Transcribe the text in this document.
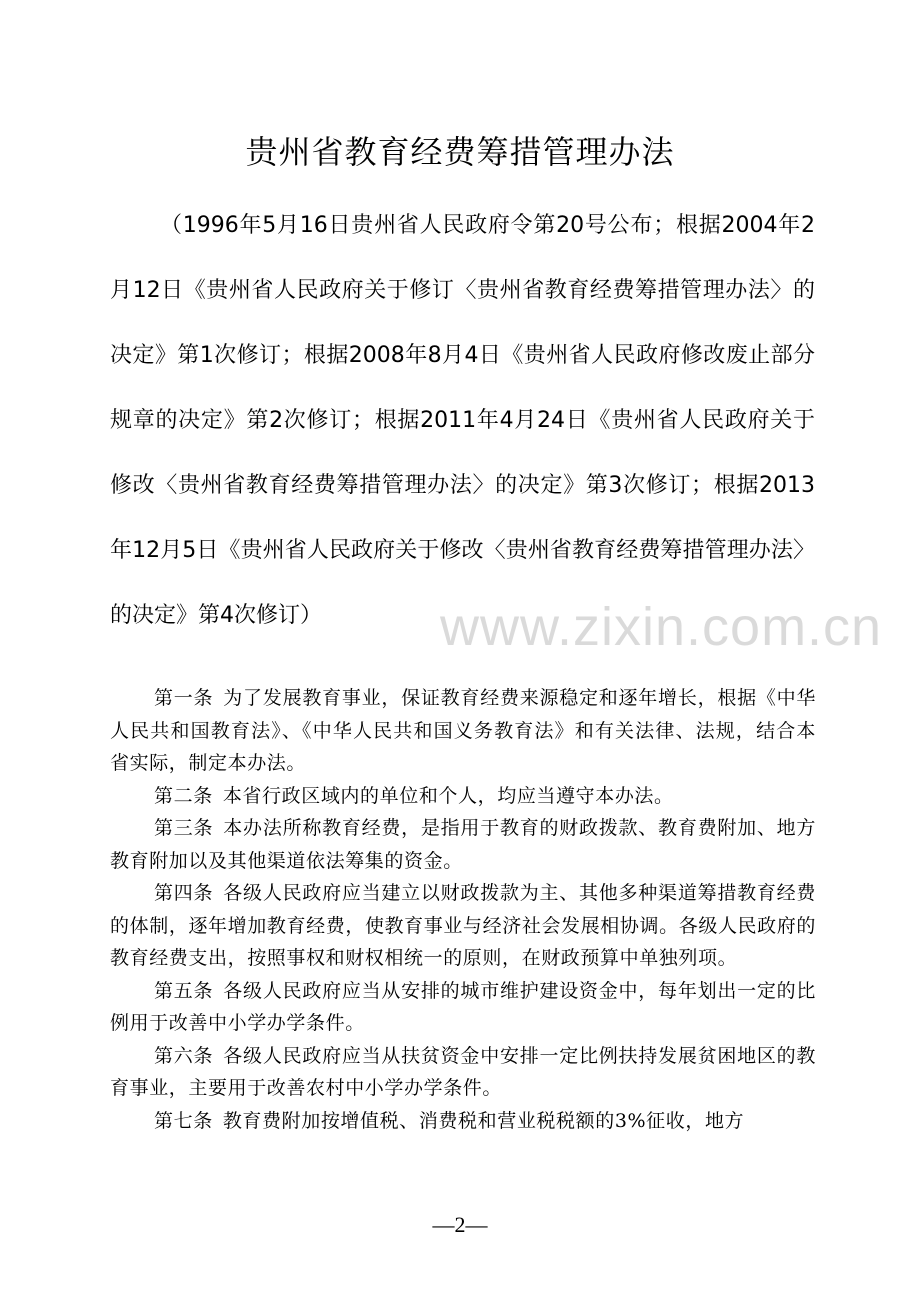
贵州省教育经费筹措管理办法
（1996年5月16日贵州省人民政府令第20号公布；根据2004年2月12日《贵州省人民政府关于修订〈贵州省教育经费筹措管理办法〉的决定》第1次修订；根据2008年8月4日《贵州省人民政府修改废止部分规章的决定》第2次修订；根据2011年4月24日《贵州省人民政府关于修改〈贵州省教育经费筹措管理办法〉的决定》第3次修订；根据2013年12月5日《贵州省人民政府关于修改〈贵州省教育经费筹措管理办法〉的决定》第4次修订）	www.zixin.com.cn

第一条 为了发展教育事业，保证教育经费来源稳定和逐年增长，根据《中华人民共和国教育法》、《中华人民共和国义务教育法》和有关法律、法规，结合本省实际，制定本办法。

第二条 本省行政区域内的单位和个人，均应当遵守本办法。

第三条 本办法所称教育经费，是指用于教育的财政拨款、教育费附加、地方教育附加以及其他渠道依法筹集的资金。

第四条 各级人民政府应当建立以财政拨款为主、其他多种渠道筹措教育经费的体制，逐年增加教育经费，使教育事业与经济社会发展相协调。各级人民政府的教育经费支出，按照事权和财权相统一的原则，在财政预算中单独列项。

第五条 各级人民政府应当从安排的城市维护建设资金中，每年划出一定的比例用于改善中小学办学条件。

第六条 各级人民政府应当从扶贫资金中安排一定比例扶持发展贫困地区的教育事业，主要用于改善农村中小学办学条件。

第七条 教育费附加按增值税、消费税和营业税税额的3%征收，地方

—2—
